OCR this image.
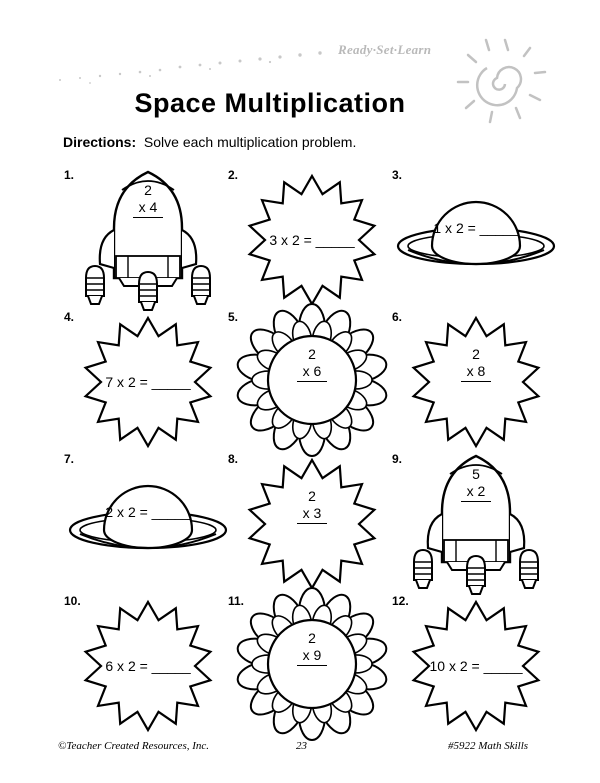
Ready·Set·Learn
Space Multiplication
Directions: Solve each multiplication problem.
1.
2
x 4
2.
3 x 2 = _____
3.
1 x 2 = _____
4.
7 x 2 = _____
5.
2
x 6
6.
2
x 8
7.
2 x 2 = _____
8.
2
x 3
9.
5
x 2
10.
6 x 2 = _____
11.
2
x 9
12.
10 x 2 = _____
©Teacher Created Resources, Inc.	23	#5922 Math Skills
